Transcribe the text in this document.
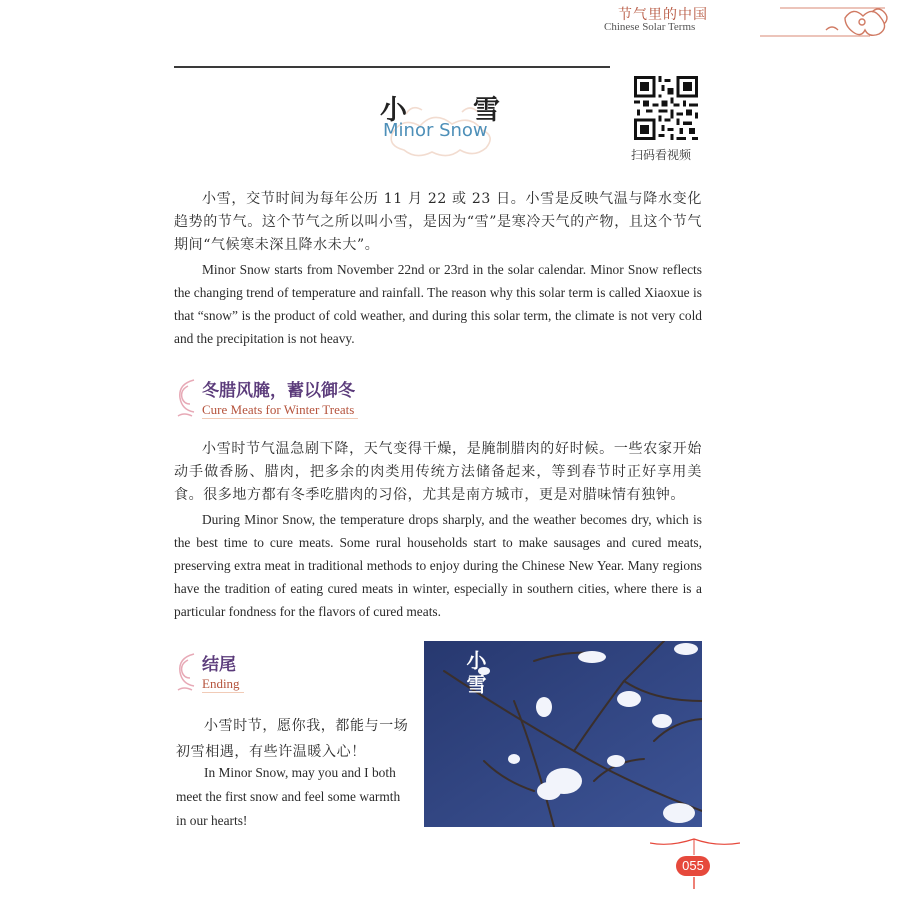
节气里的中国
Chinese Solar Terms
小 雪
Minor Snow
扫码看视频

小雪，交节时间为每年公历 11 月 22 或 23 日。小雪是反映气温与降水变化趋势的节气。这个节气之所以叫小雪，是因为“雪”是寒冷天气的产物，且这个节气期间“气候寒未深且降水未大”。

Minor Snow starts from November 22nd or 23rd in the solar calendar. Minor Snow reflects the changing trend of temperature and rainfall. The reason why this solar term is called Xiaoxue is that “snow” is the product of cold weather, and during this solar term, the climate is not very cold and the precipitation is not heavy.

冬腊风腌，蓄以御冬
Cure Meats for Winter Treats

小雪时节气温急剧下降，天气变得干燥，是腌制腊肉的好时候。一些农家开始动手做香肠、腊肉，把多余的肉类用传统方法储备起来，等到春节时正好享用美食。很多地方都有冬季吃腊肉的习俗，尤其是南方城市，更是对腊味情有独钟。

During Minor Snow, the temperature drops sharply, and the weather becomes dry, which is the best time to cure meats. Some rural households start to make sausages and cured meats, preserving extra meat in traditional methods to enjoy during the Chinese New Year. Many regions have the tradition of eating cured meats in winter, especially in southern cities, where there is a particular fondness for the flavors of cured meats.

结尾
Ending

小雪时节，愿你我，都能与一场初雪相遇，有些许温暖入心！

In Minor Snow, may you and I both meet the first snow and feel some warmth in our hearts!

小雪
055
